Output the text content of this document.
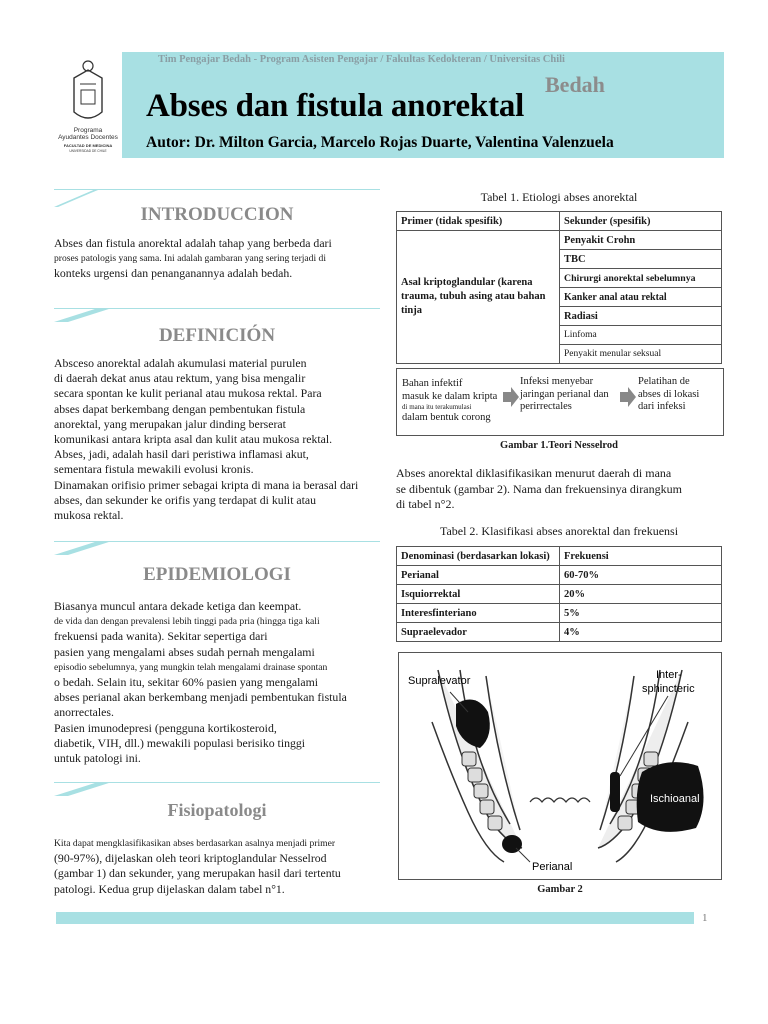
Programa
Ayudantes Docentes
FACULTAD DE MEDICINA
UNIVERSIDAD DE CHILE
Tim Pengajar Bedah - Program Asisten Pengajar / Fakultas Kedokteran / Universitas Chili
Bedah
Abses dan fistula anorektal
Autor: Dr. Milton Garcia, Marcelo Rojas Duarte, Valentina Valenzuela
INTRODUCCION
Abses dan fistula anorektal adalah tahap yang berbeda dari
proses patologis yang sama. Ini adalah gambaran yang sering terjadi di
konteks urgensi dan penanganannya adalah bedah.
DEFINICIÓN
Absceso anorektal adalah akumulasi material purulen
di daerah dekat anus atau rektum, yang bisa mengalir
secara spontan ke kulit perianal atau mukosa rektal. Para
abses dapat berkembang dengan pembentukan fistula
anorektal, yang merupakan jalur dinding berserat
komunikasi antara kripta asal dan kulit atau mukosa rektal.
Abses, jadi, adalah hasil dari peristiwa inflamasi akut,
sementara fistula mewakili evolusi kronis.
Dinamakan orifisio primer sebagai kripta di mana ia berasal dari
abses, dan sekunder ke orifis yang terdapat di kulit atau
mukosa rektal.
EPIDEMIOLOGI
Biasanya muncul antara dekade ketiga dan keempat.
de vida dan dengan prevalensi lebih tinggi pada pria (hingga tiga kali
frekuensi pada wanita). Sekitar sepertiga dari
pasien yang mengalami abses sudah pernah mengalami
episodio sebelumnya, yang mungkin telah mengalami drainase spontan
o bedah. Selain itu, sekitar 60% pasien yang mengalami
abses perianal akan berkembang menjadi pembentukan fistula
anorrectales.
Pasien imunodepresi (pengguna kortikosteroid,
diabetik, VIH, dll.) mewakili populasi berisiko tinggi
untuk patologi ini.
Fisiopatologi
Kita dapat mengklasifikasikan abses berdasarkan asalnya menjadi primer
(90-97%), dijelaskan oleh teori kriptoglandular Nesselrod
(gambar 1) dan sekunder, yang merupakan hasil dari tertentu
patologi. Kedua grup dijelaskan dalam tabel n°1.
Tabel 1. Etiologi abses anorektal
Primer (tidak spesifik)	Sekunder (spesifik)
Asal kriptoglandular (karena trauma, tubuh asing atau bahan tinja	Penyakit Crohn
	TBC
	Chirurgi anorektal sebelumnya
	Kanker anal atau rektal
	Radiasi
	Linfoma
	Penyakit menular seksual
Bahan infektif
masuk ke dalam kripta
di mana itu terakumulasi
dalam bentuk corong
Infeksi menyebar
jaringan perianal dan
perirrectales
Pelatihan de
abses di lokasi
dari infeksi
Gambar 1.Teori Nesselrod
Abses anorektal diklasifikasikan menurut daerah di mana
se dibentuk (gambar 2). Nama dan frekuensinya dirangkum
di tabel n°2.
Tabel 2. Klasifikasi abses anorektal dan frekuensi
Denominasi (berdasarkan lokasi)	Frekuensi
Perianal	60-70%
Isquiorrektal	20%
Interesfinteriano	5%
Supraelevador	4%
Supralevator	Inter-
sphincteric
Ischioanal
Perianal
Gambar 2
1
